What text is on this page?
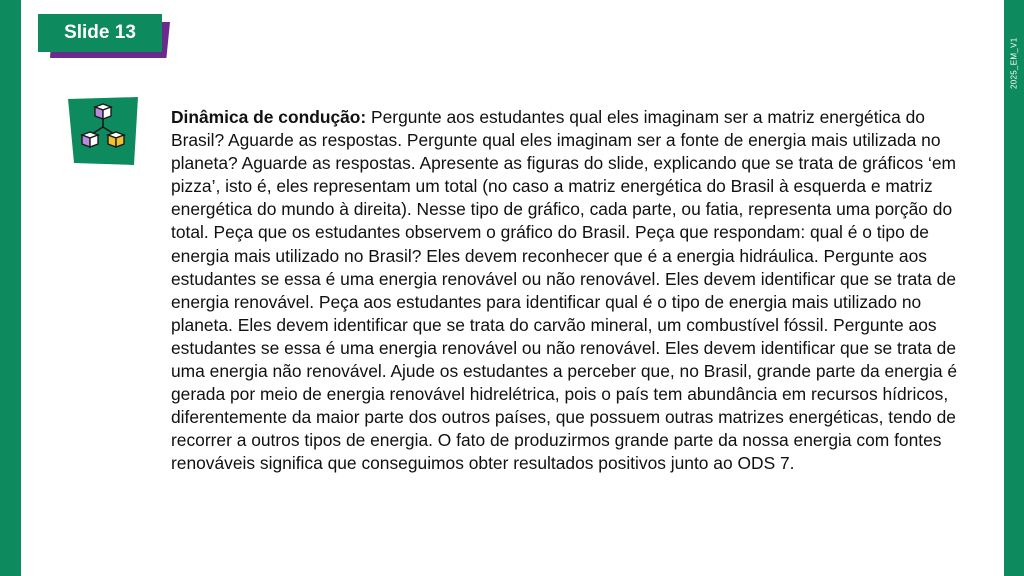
Slide 13
2025_EM_V1
Dinâmica de condução: Pergunte aos estudantes qual eles imaginam ser a matriz energética do Brasil? Aguarde as respostas. Pergunte qual eles imaginam ser a fonte de energia mais utilizada no planeta? Aguarde as respostas. Apresente as figuras do slide, explicando que se trata de gráficos ‘em pizza’, isto é, eles representam um total (no caso a matriz energética do Brasil à esquerda e matriz energética do mundo à direita). Nesse tipo de gráfico, cada parte, ou fatia, representa uma porção do total. Peça que os estudantes observem o gráfico do Brasil. Peça que respondam: qual é o tipo de energia mais utilizado no Brasil? Eles devem reconhecer que é a energia hidráulica. Pergunte aos estudantes se essa é uma energia renovável ou não renovável. Eles devem identificar que se trata de energia renovável. Peça aos estudantes para identificar qual é o tipo de energia mais utilizado no planeta. Eles devem identificar que se trata do carvão mineral, um combustível fóssil. Pergunte aos estudantes se essa é uma energia renovável ou não renovável. Eles devem identificar que se trata de uma energia não renovável. Ajude os estudantes a perceber que, no Brasil, grande parte da energia é gerada por meio de energia renovável hidrelétrica, pois o país tem abundância em recursos hídricos, diferentemente da maior parte dos outros países, que possuem outras matrizes energéticas, tendo de recorrer a outros tipos de energia. O fato de produzirmos grande parte da nossa energia com fontes renováveis significa que conseguimos obter resultados positivos junto ao ODS 7.
